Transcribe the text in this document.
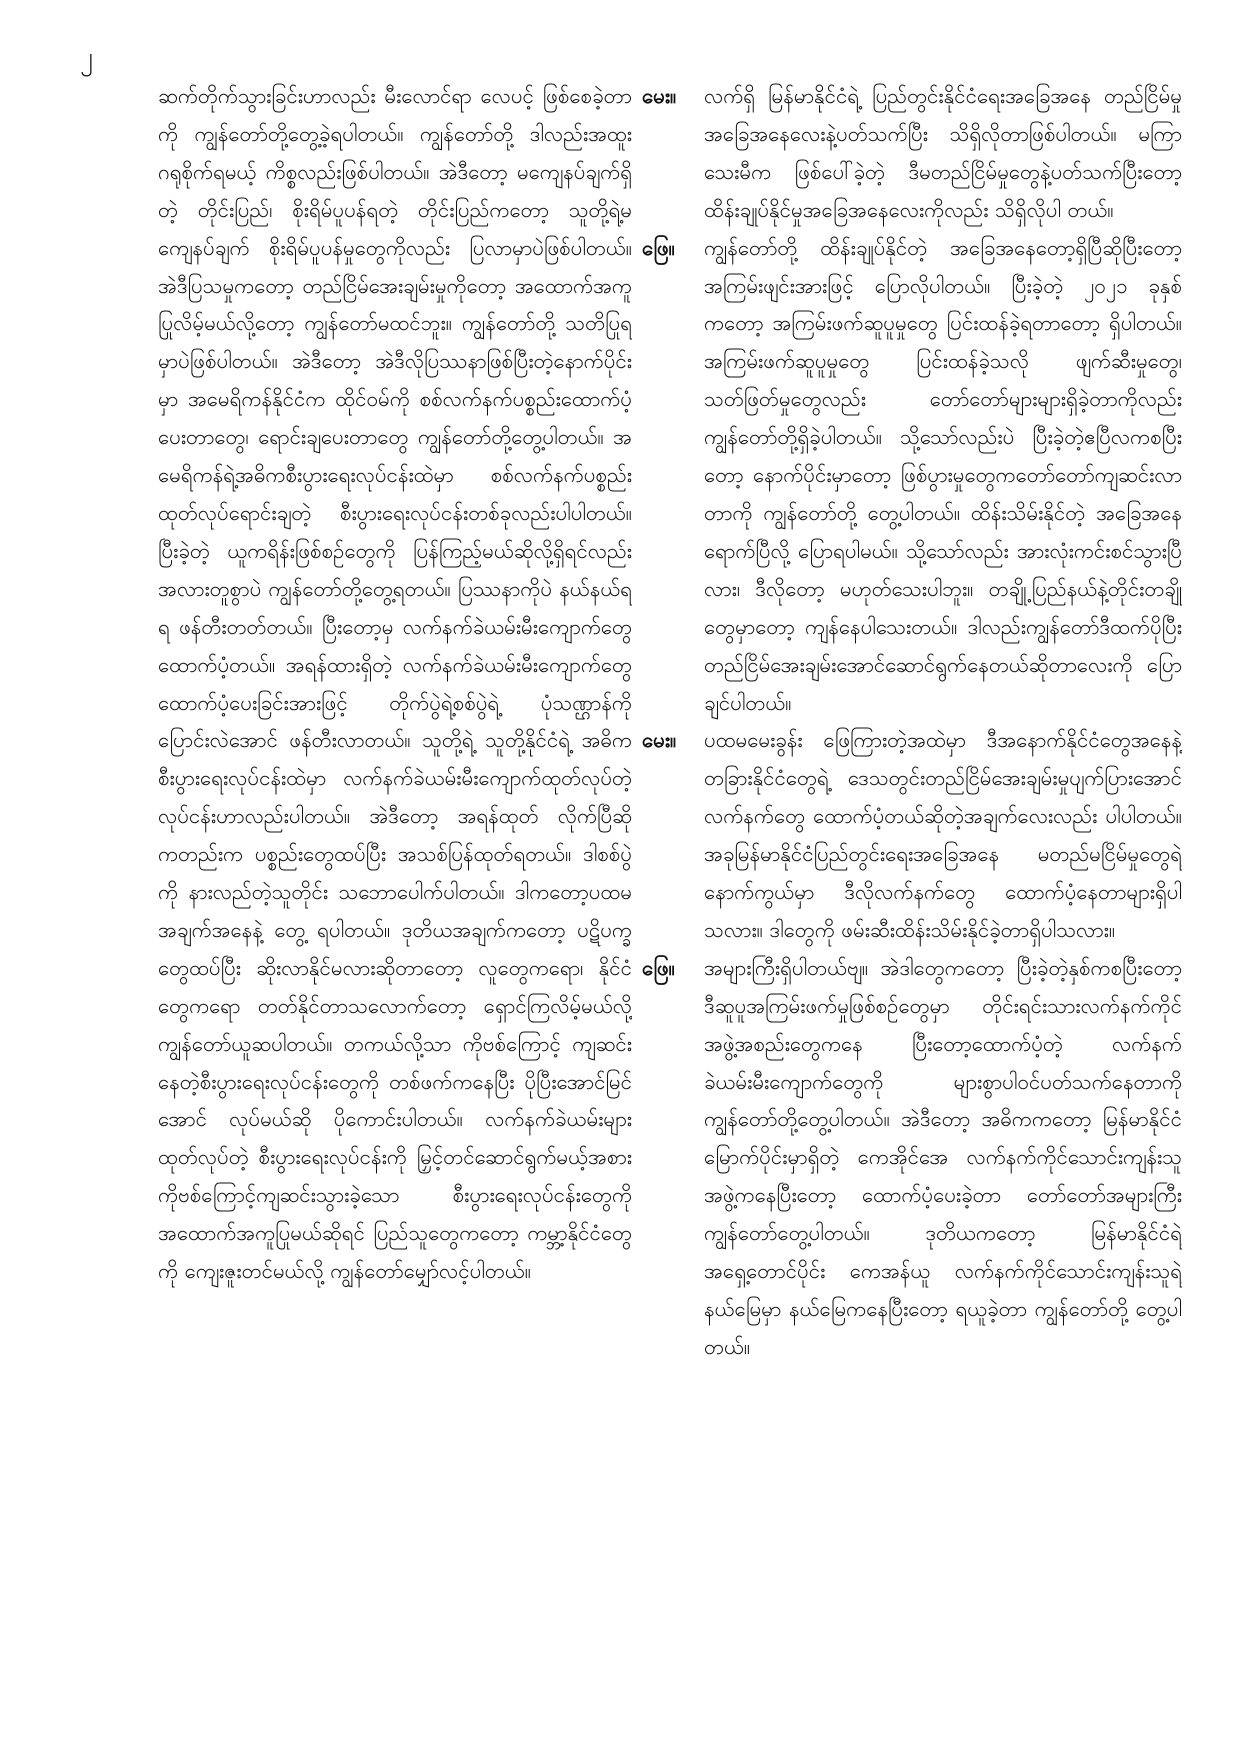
၂

ဆက်တိုက်သွားခြင်းဟာလည်း မီးလောင်ရာ လေပင့် ဖြစ်စေခဲ့တာကို ကျွန်တော်တို့တွေ့ခဲ့ရပါတယ်။ ကျွန်တော်တို့ ဒါလည်းအထူးဂရုစိုက်ရမယ့် ကိစ္စလည်းဖြစ်ပါတယ်။ အဲဒီတော့ မကျေနပ်ချက်ရှိတဲ့ တိုင်းပြည်၊ စိုးရိမ်ပူပန်ရတဲ့ တိုင်းပြည်ကတော့ သူတို့ရဲ့မကျေနပ်ချက် စိုးရိမ်ပူပန်မှုတွေကိုလည်း ပြလာမှာပဲဖြစ်ပါတယ်။ အဲဒီပြသမှုကတော့ တည်ငြိမ်အေးချမ်းမှုကိုတော့ အထောက်အကူပြုလိမ့်မယ်လို့တော့ ကျွန်တော်မထင်ဘူး။ ကျွန်တော်တို့ သတိပြုရမှာပဲဖြစ်ပါတယ်။ အဲဒီတော့ အဲဒီလိုပြဿနာဖြစ်ပြီးတဲ့နောက်ပိုင်းမှာ အမေရိကန်နိုင်ငံက ထိုင်ဝမ်ကို စစ်လက်နက်ပစ္စည်းထောက်ပံ့ပေးတာတွေ၊ ရောင်းချပေးတာတွေ ကျွန်တော်တို့တွေ့ပါတယ်။ အမေရိကန်ရဲ့အဓိကစီးပွားရေးလုပ်ငန်းထဲမှာ စစ်လက်နက်ပစ္စည်းထုတ်လုပ်ရောင်းချတဲ့ စီးပွားရေးလုပ်ငန်းတစ်ခုလည်းပါပါတယ်။ ပြီးခဲ့တဲ့ ယူကရိန်းဖြစ်စဉ်တွေကို ပြန်ကြည့်မယ်ဆိုလို့ရှိရင်လည်း အလားတူစွာပဲ ကျွန်တော်တို့တွေ့ရတယ်။ ပြဿနာကိုပဲ နယ်နယ်ရရ ဖန်တီးတတ်တယ်။ ပြီးတော့မှ လက်နက်ခဲယမ်းမီးကျောက်တွေ ထောက်ပံ့တယ်။ အရန်ထားရှိတဲ့ လက်နက်ခဲယမ်းမီးကျောက်တွေ ထောက်ပံ့ပေးခြင်းအားဖြင့် တိုက်ပွဲရဲ့စစ်ပွဲရဲ့ ပုံသဏ္ဌာန်ကို ပြောင်းလဲအောင် ဖန်တီးလာတယ်။ သူတို့ရဲ့ သူတို့နိုင်ငံရဲ့ အဓိကစီးပွားရေးလုပ်ငန်းထဲမှာ လက်နက်ခဲယမ်းမီးကျောက်ထုတ်လုပ်တဲ့ လုပ်ငန်းဟာလည်းပါတယ်။ အဲဒီတော့ အရန်ထုတ် လိုက်ပြီဆိုကတည်းက ပစ္စည်းတွေထပ်ပြီး အသစ်ပြန်ထုတ်ရတယ်။ ဒါစစ်ပွဲကို နားလည်တဲ့သူတိုင်း သဘောပေါက်ပါတယ်။ ဒါကတော့ပထမအချက်အနေနဲ့ တွေ့ ရပါတယ်။ ဒုတိယအချက်ကတော့ ပဋိပက္ခတွေထပ်ပြီး ဆိုးလာနိုင်မလားဆိုတာတော့ လူတွေကရော၊ နိုင်ငံတွေကရော တတ်နိုင်တာသလောက်တော့ ရှောင်ကြလိမ့်မယ်လို့ ကျွန်တော်ယူဆပါတယ်။ တကယ်လို့သာ ကိုဗစ်ကြောင့် ကျဆင်းနေတဲ့စီးပွားရေးလုပ်ငန်းတွေကို တစ်ဖက်ကနေပြီး ပိုပြီးအောင်မြင်အောင် လုပ်မယ်ဆို ပိုကောင်းပါတယ်။ လက်နက်ခဲယမ်းများထုတ်လုပ်တဲ့ စီးပွားရေးလုပ်ငန်းကို မြှင့်တင်ဆောင်ရွက်မယ့်အစား ကိုဗစ်ကြောင့်ကျဆင်းသွားခဲ့သော စီးပွားရေးလုပ်ငန်းတွေကို အထောက်အကူပြုမယ်ဆိုရင် ပြည်သူတွေကတော့ ကမ္ဘာ့နိုင်ငံတွေကို ကျေးဇူးတင်မယ်လို့ ကျွန်တော်မျှော်လင့်ပါတယ်။

မေး။	လက်ရှိ မြန်မာနိုင်ငံရဲ့ ပြည်တွင်းနိုင်ငံရေးအခြေအနေ တည်ငြိမ်မှုအခြေအနေလေးနဲ့ပတ်သက်ပြီး သိရှိလိုတာဖြစ်ပါတယ်။ မကြာသေးမီက ဖြစ်ပေါ်ခဲ့တဲ့ ဒီမတည်ငြိမ်မှုတွေနဲ့ပတ်သက်ပြီးတော့ ထိန်းချုပ်နိုင်မှုအခြေအနေလေးကိုလည်း သိရှိလိုပါ တယ်။
ဖြေ။	ကျွန်တော်တို့ ထိန်းချုပ်နိုင်တဲ့ အခြေအနေတော့ရှိပြီဆိုပြီးတော့ အကြမ်းဖျင်းအားဖြင့် ပြောလိုပါတယ်။ ပြီးခဲ့တဲ့ ၂၀၂၁ ခုနှစ်ကတော့ အကြမ်းဖက်ဆူပူမှုတွေ ပြင်းထန်ခဲ့ရတာတော့ ရှိပါတယ်။ အကြမ်းဖက်ဆူပူမှုတွေ ပြင်းထန်ခဲ့သလို ဖျက်ဆီးမှုတွေ၊ သတ်ဖြတ်မှုတွေလည်း တော်တော်များများရှိခဲ့တာကိုလည်း ကျွန်တော်တို့ရှိခဲ့ပါတယ်။ သို့သော်လည်းပဲ ပြီးခဲ့တဲ့ဧပြီလကစပြီးတော့ နောက်ပိုင်းမှာတော့ ဖြစ်ပွားမှုတွေကတော်တော်ကျဆင်းလာတာကို ကျွန်တော်တို့ တွေ့ပါတယ်။ ထိန်းသိမ်းနိုင်တဲ့ အခြေအနေရောက်ပြီလို့ ပြောရပါမယ်။ သို့သော်လည်း အားလုံးကင်းစင်သွားပြီလား၊ ဒီလိုတော့ မဟုတ်သေးပါဘူး။ တချို့ပြည်နယ်နဲ့တိုင်းတချို့တွေမှာတော့ ကျန်နေပါသေးတယ်။ ဒါလည်းကျွန်တော်ဒီထက်ပိုပြီး တည်ငြိမ်အေးချမ်းအောင်ဆောင်ရွက်နေတယ်ဆိုတာလေးကို ပြောချင်ပါတယ်။
မေး။	ပထမမေးခွန်း ဖြေကြားတဲ့အထဲမှာ ဒီအနောက်နိုင်ငံတွေအနေနဲ့ တခြားနိုင်ငံတွေရဲ့ ဒေသတွင်းတည်ငြိမ်အေးချမ်းမှုပျက်ပြားအောင် လက်နက်တွေ ထောက်ပံ့တယ်ဆိုတဲ့အချက်လေးလည်း ပါပါတယ်။ အခုမြန်မာနိုင်ငံပြည်တွင်းရေးအခြေအနေ မတည်မငြိမ်မှုတွေရဲ့နောက်ကွယ်မှာ ဒီလိုလက်နက်တွေ ထောက်ပံ့နေတာများရှိပါသလား။ ဒါတွေကို ဖမ်းဆီးထိန်းသိမ်းနိုင်ခဲ့တာရှိပါသလား။
ဖြေ။	အများကြီးရှိပါတယ်ဗျ။ အဲဒါတွေကတော့ ပြီးခဲ့တဲ့နှစ်ကစပြီးတော့ ဒီဆူပူအကြမ်းဖက်မှုဖြစ်စဉ်တွေမှာ တိုင်းရင်းသားလက်နက်ကိုင်အဖွဲ့အစည်းတွေကနေ ပြီးတော့ထောက်ပံ့တဲ့ လက်နက်ခဲယမ်းမီးကျောက်တွေကို များစွာပါဝင်ပတ်သက်နေတာကို ကျွန်တော်တို့တွေ့ပါတယ်။ အဲဒီတော့ အဓိကကတော့ မြန်မာနိုင်ငံမြောက်ပိုင်းမှာရှိတဲ့ ကေအိုင်အေ လက်နက်ကိုင်သောင်းကျန်းသူအဖွဲ့ကနေပြီးတော့ ထောက်ပံ့ပေးခဲ့တာ တော်တော်အများကြီး ကျွန်တော်တွေ့ပါတယ်။ ဒုတိယကတော့ မြန်မာနိုင်ငံရဲ့ အရှေ့တောင်ပိုင်း ကေအန်ယူ လက်နက်ကိုင်သောင်းကျန်းသူရဲ့ နယ်မြေမှာ နယ်မြေကနေပြီးတော့ ရယူခဲ့တာ ကျွန်တော်တို့ တွေ့ပါတယ်။
